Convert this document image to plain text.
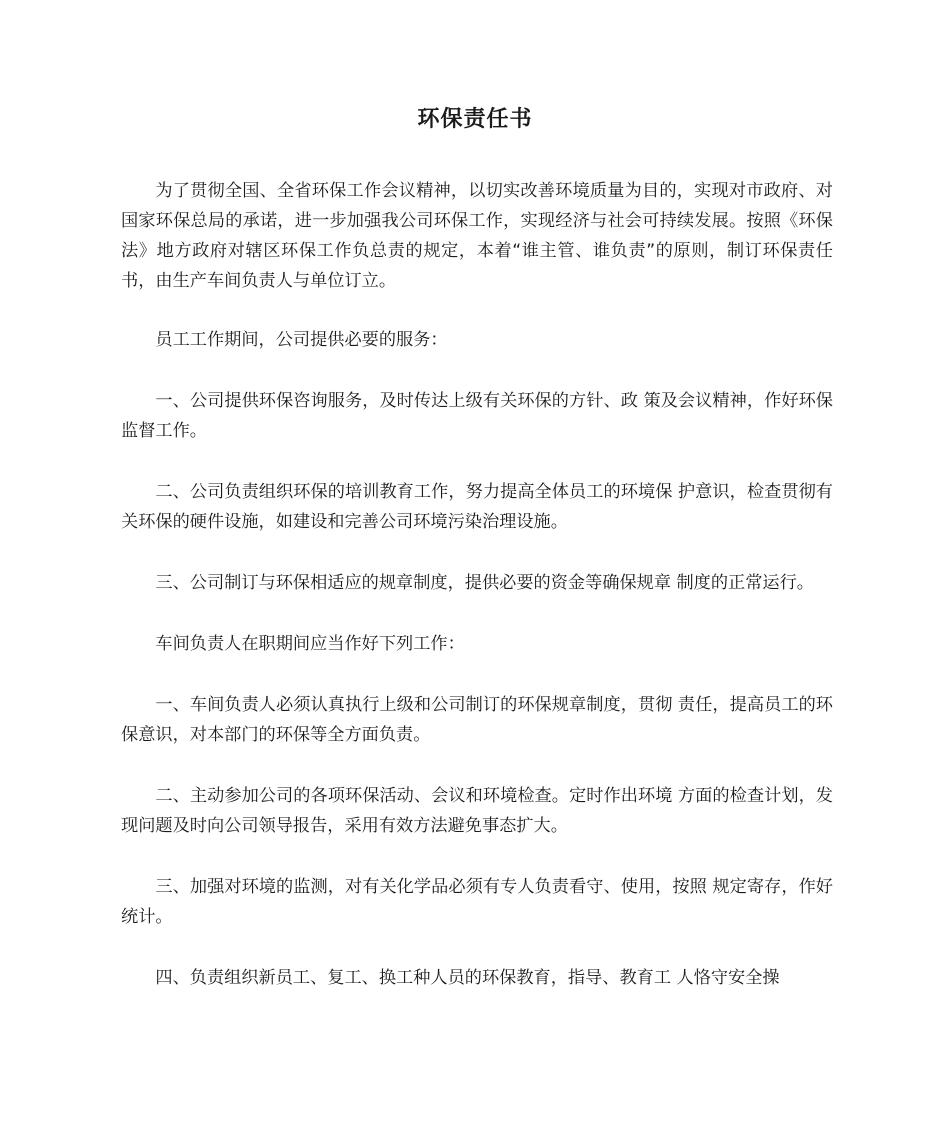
环保责任书

为了贯彻全国、全省环保工作会议精神，以切实改善环境质量为目的，实现对市政府、对国家环保总局的承诺，进一步加强我公司环保工作，实现经济与社会可持续发展。按照《环保法》地方政府对辖区环保工作负总责的规定，本着“谁主管、谁负责”的原则，制订环保责任书，由生产车间负责人与单位订立。

员工工作期间，公司提供必要的服务：

一、公司提供环保咨询服务，及时传达上级有关环保的方针、政 策及会议精神，作好环保监督工作。

二、公司负责组织环保的培训教育工作，努力提高全体员工的环境保 护意识，检查贯彻有关环保的硬件设施，如建设和完善公司环境污染治理设施。

三、公司制订与环保相适应的规章制度，提供必要的资金等确保规章 制度的正常运行。

车间负责人在职期间应当作好下列工作：

一、车间负责人必须认真执行上级和公司制订的环保规章制度，贯彻 责任，提高员工的环保意识，对本部门的环保等全方面负责。

二、主动参加公司的各项环保活动、会议和环境检查。定时作出环境 方面的检查计划，发现问题及时向公司领导报告，采用有效方法避免事态扩大。

三、加强对环境的监测，对有关化学品必须有专人负责看守、使用，按照 规定寄存，作好统计。

四、负责组织新员工、复工、换工种人员的环保教育，指导、教育工 人恪守安全操
